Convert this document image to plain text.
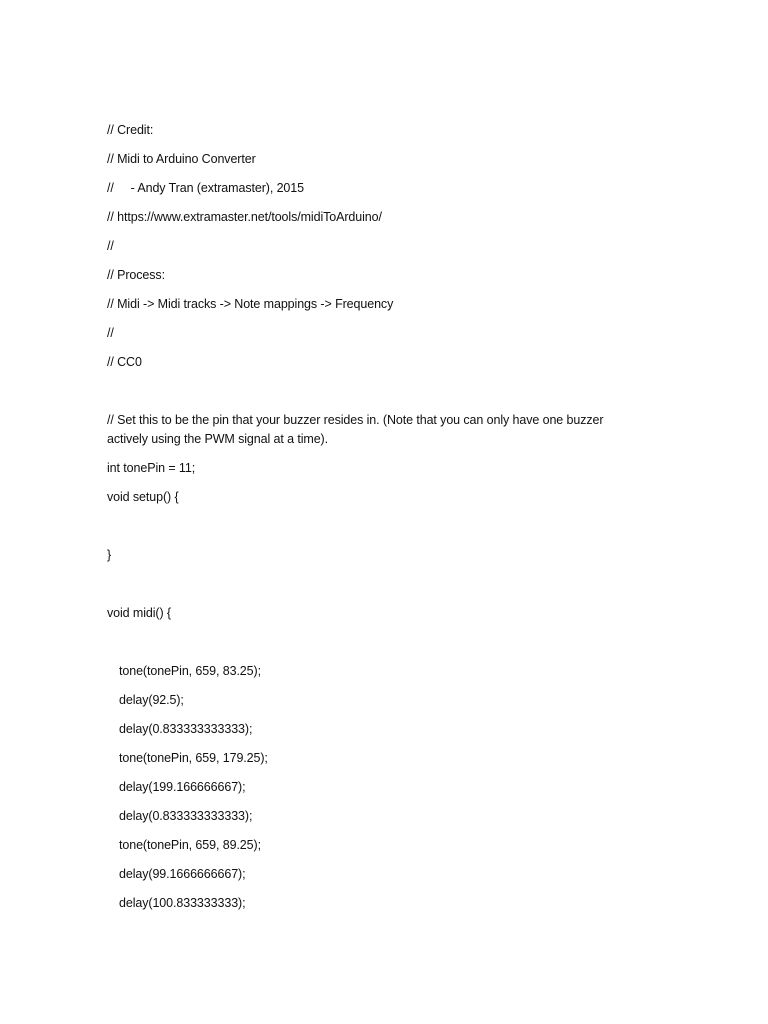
// Credit:
// Midi to Arduino Converter
//     - Andy Tran (extramaster), 2015
// https://www.extramaster.net/tools/midiToArduino/
//
// Process:
// Midi -> Midi tracks -> Note mappings -> Frequency
//
// CC0
// Set this to be the pin that your buzzer resides in. (Note that you can only have one buzzer actively using the PWM signal at a time).
int tonePin = 11;
void setup() {
}
void midi() {
tone(tonePin, 659, 83.25);
delay(92.5);
delay(0.833333333333);
tone(tonePin, 659, 179.25);
delay(199.166666667);
delay(0.833333333333);
tone(tonePin, 659, 89.25);
delay(99.1666666667);
delay(100.833333333);
